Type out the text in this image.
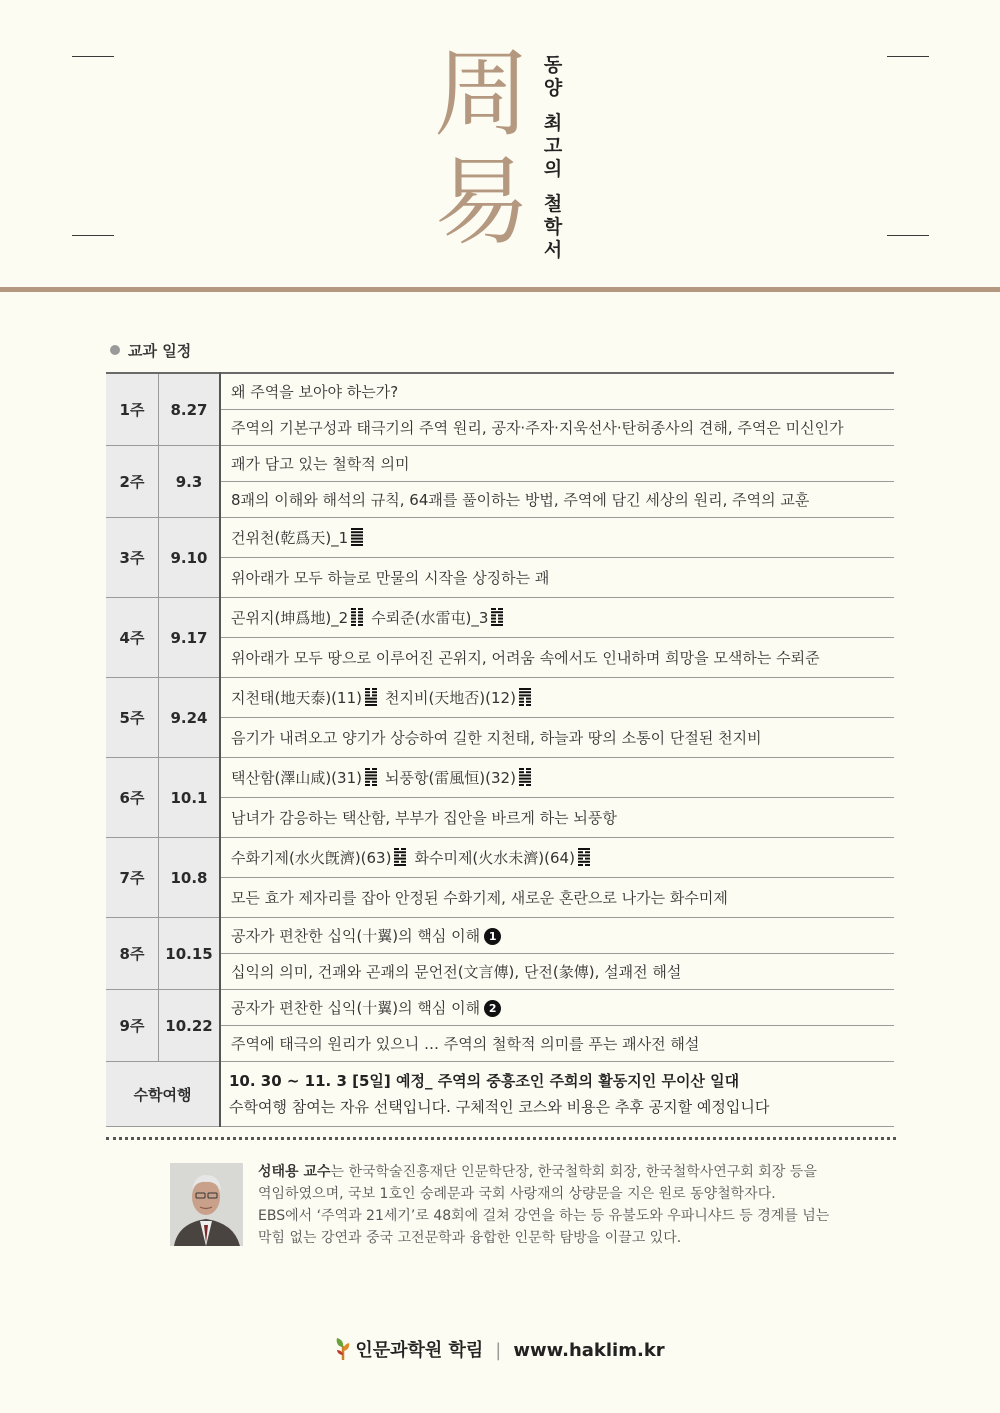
周
易
동양
최고의
철학서
교과 일정
1주	8.27	왜 주역을 보아야 하는가?
		주역의 기본구성과 태극기의 주역 원리, 공자·주자·지욱선사·탄허종사의 견해, 주역은 미신인가
2주	9.3	괘가 담고 있는 철학적 의미
		8괘의 이해와 해석의 규칙, 64괘를 풀이하는 방법, 주역에 담긴 세상의 원리, 주역의 교훈
3주	9.10	건위천(乾爲天)_1
		위아래가 모두 하늘로 만물의 시작을 상징하는 괘
4주	9.17	곤위지(坤爲地)_2 수뢰준(水雷屯)_3
		위아래가 모두 땅으로 이루어진 곤위지, 어려움 속에서도 인내하며 희망을 모색하는 수뢰준
5주	9.24	지천태(地天泰)(11) 천지비(天地否)(12)
		음기가 내려오고 양기가 상승하여 길한 지천태, 하늘과 땅의 소통이 단절된 천지비
6주	10.1	택산함(澤山咸)(31) 뇌풍항(雷風恒)(32)
		남녀가 감응하는 택산함, 부부가 집안을 바르게 하는 뇌풍항
7주	10.8	수화기제(水火旣濟)(63) 화수미제(火水未濟)(64)
		모든 효가 제자리를 잡아 안정된 수화기제, 새로운 혼란으로 나가는 화수미제
8주	10.15	공자가 편찬한 십익(十翼)의 핵심 이해 1
		십익의 의미, 건괘와 곤괘의 문언전(文言傳), 단전(彖傳), 설괘전 해설
9주	10.22	공자가 편찬한 십익(十翼)의 핵심 이해 2
		주역에 태극의 원리가 있으니 … 주역의 철학적 의미를 푸는 괘사전 해설
수학여행		10. 30 ~ 11. 3 [5일] 예정_ 주역의 중흥조인 주희의 활동지인 무이산 일대
수학여행 참여는 자유 선택입니다. 구체적인 코스와 비용은 추후 공지할 예정입니다
성태용 교수는 한국학술진흥재단 인문학단장, 한국철학회 회장, 한국철학사연구회 회장 등을
역임하였으며, 국보 1호인 숭례문과 국회 사랑재의 상량문을 지은 원로 동양철학자다.
EBS에서 ‘주역과 21세기’로 48회에 걸쳐 강연을 하는 등 유불도와 우파니샤드 등 경계를 넘는
막힘 없는 강연과 중국 고전문학과 융합한 인문학 탐방을 이끌고 있다.
인문과학원 학림 | www.haklim.kr
